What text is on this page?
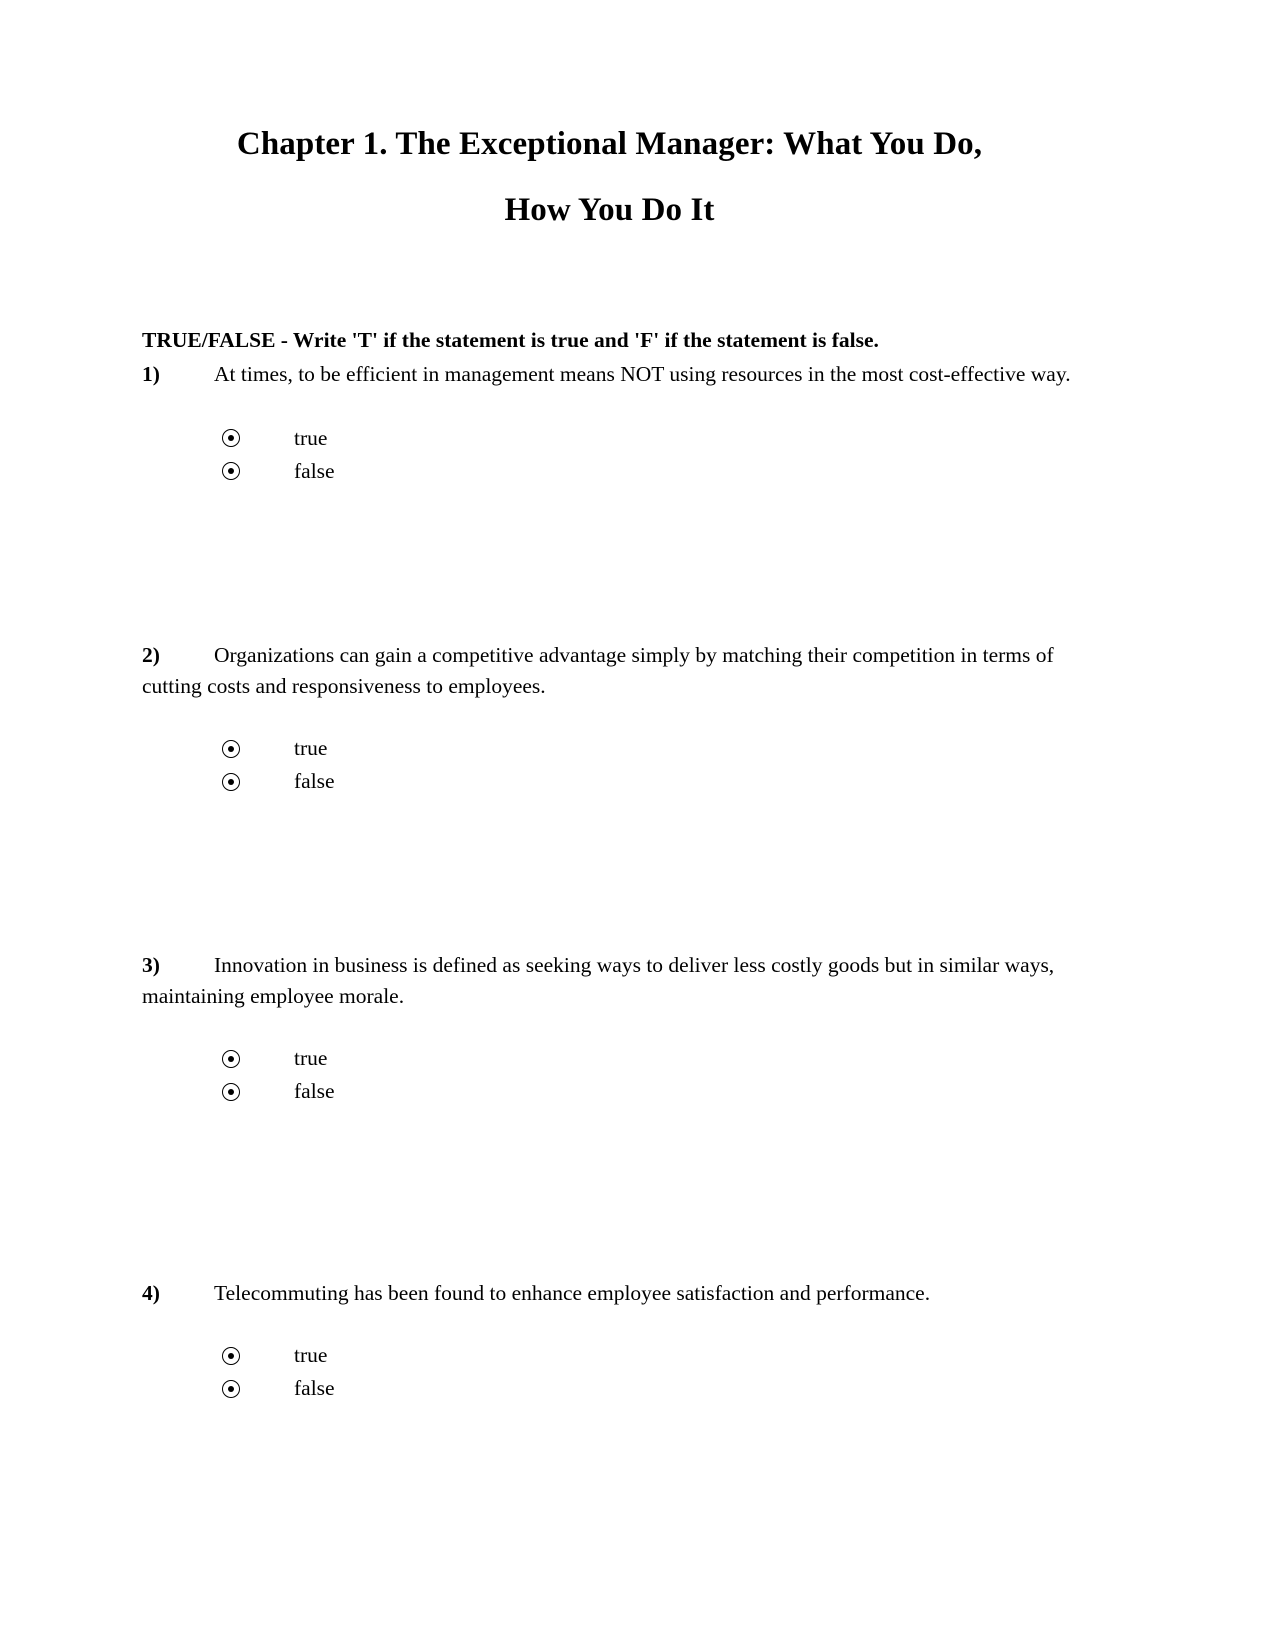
Chapter 1. The Exceptional Manager: What You Do,
How You Do It

TRUE/FALSE - Write 'T' if the statement is true and 'F' if the statement is false.

1)	At times, to be efficient in management means NOT using resources in the most cost-effective way.

true
false

2)	Organizations can gain a competitive advantage simply by matching their competition in terms of cutting costs and responsiveness to employees.

true
false

3)	Innovation in business is defined as seeking ways to deliver less costly goods but in similar ways, maintaining employee morale.

true
false

4)	Telecommuting has been found to enhance employee satisfaction and performance.

true
false
